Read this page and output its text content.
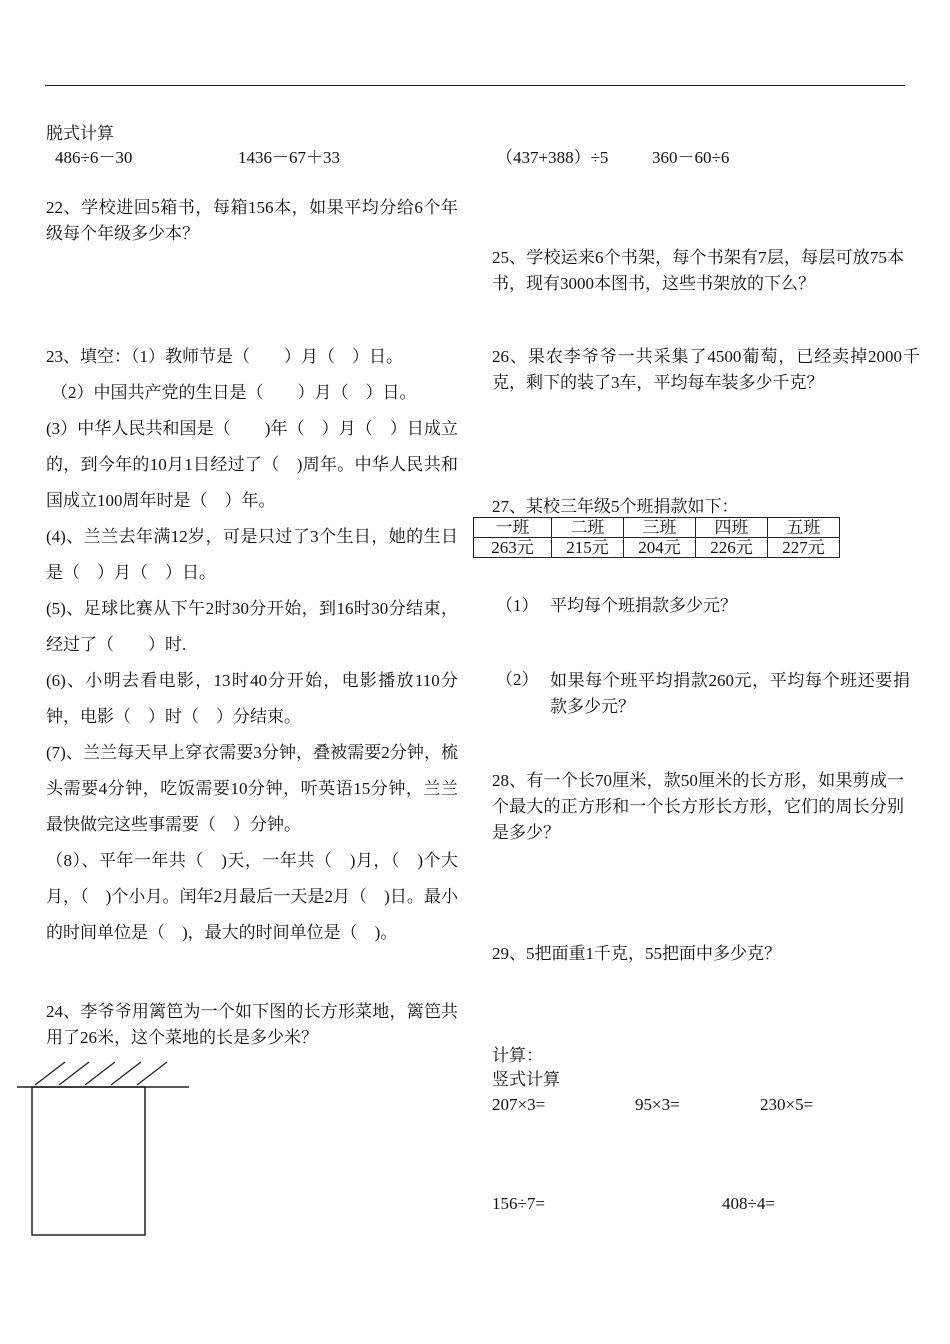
脱式计算
486÷6－30	1436－67＋33	（437+388）÷5	360－60÷6
22、学校进回5箱书，每箱156本，如果平均分给6个年级每个年级多少本？
23、填空：（1）教师节是（　　）月（　）日。
（2）中国共产党的生日是（　　）月（　）日。
(3）中华人民共和国是（　　)年（　）月（　）日成立的，到今年的10月1日经过了（　)周年。中华人民共和国成立100周年时是（　）年。
(4)、兰兰去年满12岁，可是只过了3个生日，她的生日是（　）月（　）日。
(5)、足球比赛从下午2时30分开始，到16时30分结束，经过了（　　）时.
(6)、小明去看电影，13时40分开始，电影播放110分钟，电影（　）时（　）分结束。
(7)、兰兰每天早上穿衣需要3分钟，叠被需要2分钟，梳头需要4分钟，吃饭需要10分钟，听英语15分钟，兰兰最快做完这些事需要（　）分钟。
（8）、平年一年共（　)天，一年共（　)月，（　)个大月，（　)个小月。闰年2月最后一天是2月（　)日。最小的时间单位是（　)，最大的时间单位是（　)。
24、李爷爷用篱笆为一个如下图的长方形菜地，篱笆共用了26米，这个菜地的长是多少米？
25、学校运来6个书架，每个书架有7层，每层可放75本书，现有3000本图书，这些书架放的下么？
26、果农李爷爷一共采集了4500葡萄，已经卖掉2000千克，剩下的装了3车，平均每车装多少千克？
27、某校三年级5个班捐款如下：
一班	二班	三班	四班	五班
263元	215元	204元	226元	227元
（1） 平均每个班捐款多少元？
（2） 如果每个班平均捐款260元，平均每个班还要捐款多少元？
28、有一个长70厘米，款50厘米的长方形，如果剪成一个最大的正方形和一个长方形长方形，它们的周长分别是多少？
29、5把面重1千克，55把面中多少克？
计算：
竖式计算
207×3=	95×3=	230×5=
156÷7=	408÷4=
